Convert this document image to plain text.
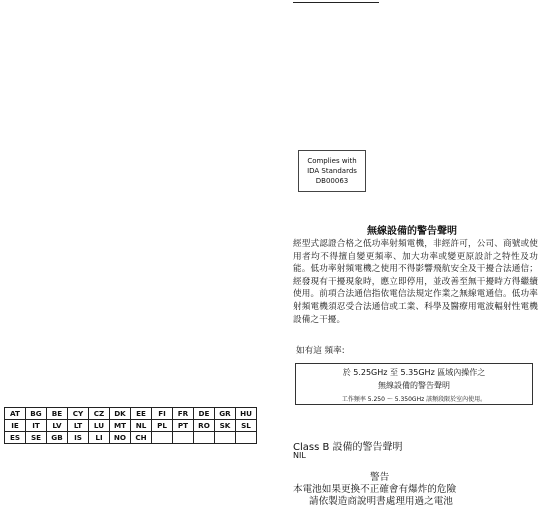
Complies with
IDA Standards
DB00063
無線設備的警告聲明
經型式認證合格之低功率射頻電機，非經許可，公司、商號或使用者均不得擅自變更頻率、加大功率或變更原設計之特性及功能。低功率射頻電機之使用不得影響飛航安全及干擾合法通信；經發現有干擾現象時，應立即停用，並改善至無干擾時方得繼續使用。前項合法通信指依電信法規定作業之無線電通信。低功率射頻電機須忍受合法通信或工業、科學及醫療用電波輻射性電機設備之干擾。
如有這 頻率:
於 5.25GHz 至 5.35GHz 區域內操作之
無線設備的警告聲明
工作頻率 5.250 ～ 5.350GHz 該頻段限於室內使用。
Class B 設備的警告聲明
NIL
警告
本電池如果更換不正確會有爆炸的危險
請依製造商說明書處理用過之電池
AT	BG	BE	CY	CZ	DK	EE	FI	FR	DE	GR	HU
IE	IT	LV	LT	LU	MT	NL	PL	PT	RO	SK	SL
ES	SE	GB	IS	LI	NO	CH					
